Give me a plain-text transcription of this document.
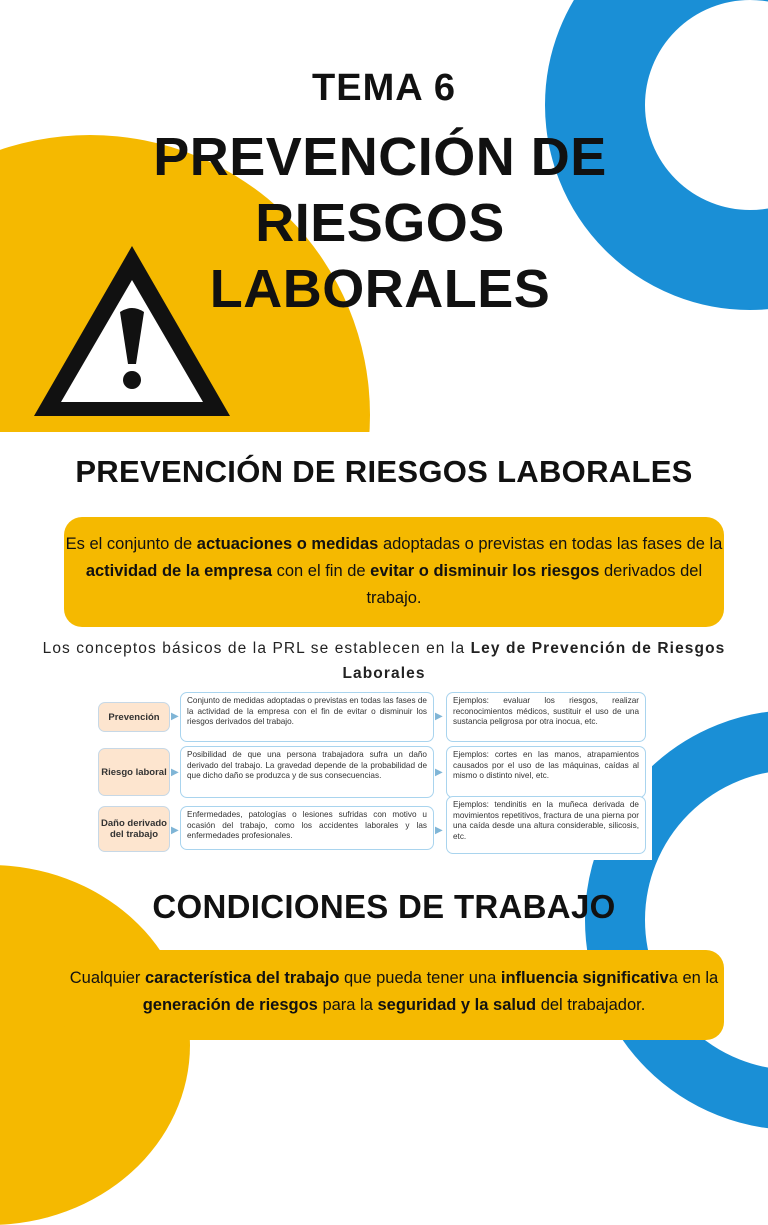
TEMA 6
PREVENCIÓN DE
RIESGOS
LABORALES
PREVENCIÓN DE RIESGOS LABORALES
Es el conjunto de actuaciones o medidas adoptadas o previstas en todas las fases de la actividad de la empresa con el fin de evitar o disminuir los riesgos derivados del trabajo.
Los conceptos básicos de la PRL se establecen en la Ley de Prevención de Riesgos Laborales
Prevención	▶
Conjunto de medidas adoptadas o previstas en todas las fases de la actividad de la empresa con el fin de evitar o disminuir los riesgos derivados del trabajo.	▶
Ejemplos: evaluar los riesgos, realizar reconocimientos médicos, sustituir el uso de una sustancia peligrosa por otra inocua, etc.
Riesgo laboral ▶
Posibilidad de que una persona trabajadora sufra un daño derivado del trabajo. La gravedad depende de la probabilidad de que dicho daño se produzca y de sus consecuencias.	▶
Ejemplos: cortes en las manos, atrapamientos causados por el uso de las máquinas, caídas al mismo o distinto nivel, etc.
Daño derivado del trabajo	▶
Enfermedades, patologías o lesiones sufridas con motivo u ocasión del trabajo, como los accidentes laborales y las enfermedades profesionales.	▶
Ejemplos: tendinitis en la muñeca derivada de movimientos repetitivos, fractura de una pierna por una caída desde una altura considerable, silicosis, etc.
CONDICIONES DE TRABAJO
Cualquier característica del trabajo que pueda tener una influencia significativa en la generación de riesgos para la seguridad y la salud del trabajador.
